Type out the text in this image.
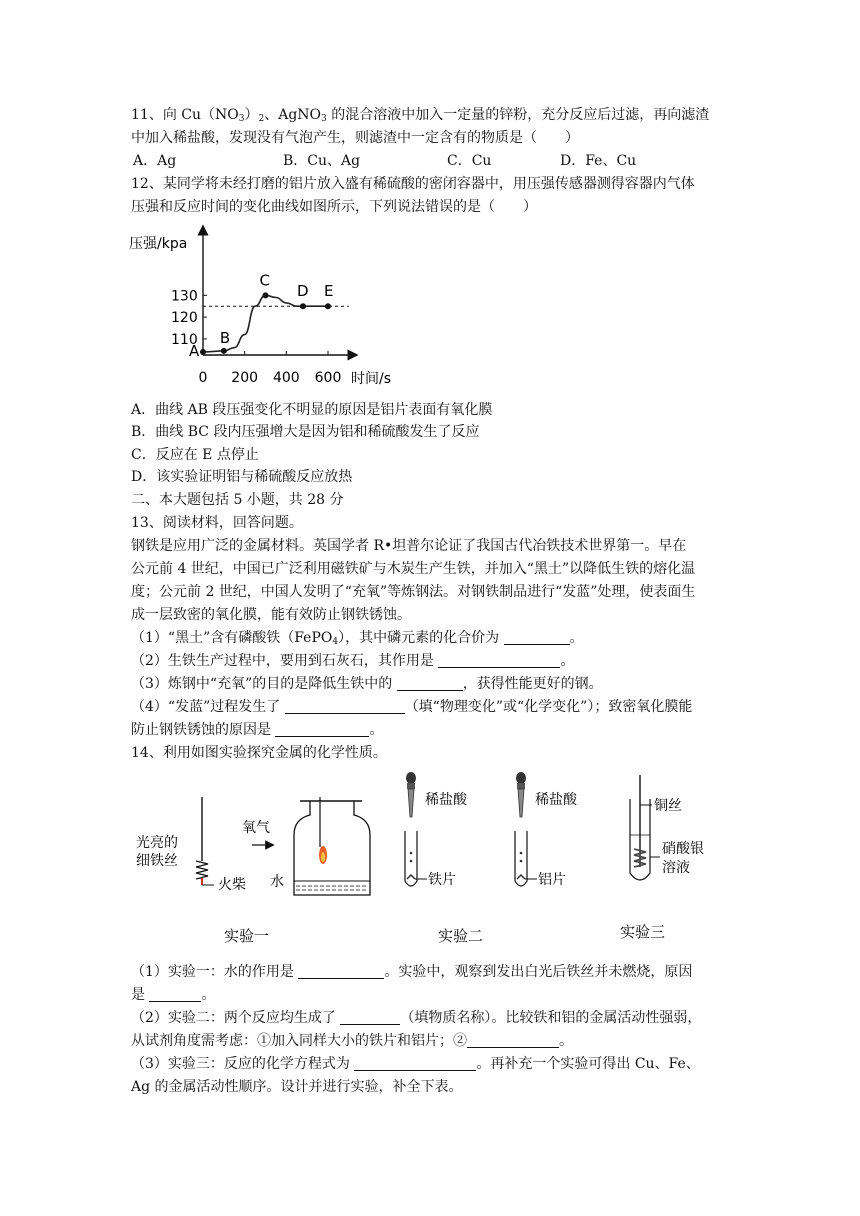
11、向 $Cu(NO_3)_2$、AgNO$_3$ 的混合溶液中加入一定量的锌粉，充分反应后过滤，再向滤渣
中加入稀盐酸，发现没有气泡产生，则滤渣中一定含有的物质是（　　）
A．Ag	B．Cu、Ag	C．Cu	D．Fe、Cu
12、某同学将未经打磨的铝片放入盛有稀硫酸的密闭容器中，用压强传感器测得容器内气体
压强和反应时间的变化曲线如图所示，下列说法错误的是（　　）
压强/kpa
时间/s
110
120
130
0 200 400 600
A
B
C
D E
A．曲线 AB 段压强变化不明显的原因是铝片表面有氧化膜
B．曲线 BC 段内压强增大是因为铝和稀硫酸发生了反应
C．反应在 E 点停止
D．该实验证明铝与稀硫酸反应放热
二、本大题包括 5 小题，共 28 分
13、阅读材料，回答问题。
钢铁是应用广泛的金属材料。英国学者 R•坦普尔论证了我国古代冶铁技术世界第一。早在
公元前 4 世纪，中国已广泛利用磁铁矿与木炭生产生铁，并加入“黑土”以降低生铁的熔化温
度；公元前 2 世纪，中国人发明了“充氧”等炼钢法。对钢铁制品进行“发蓝”处理，使表面生
成一层致密的氧化膜，能有效防止钢铁锈蚀。
（1）“黑土”含有磷酸铁（FePO$_4$），其中磷元素的化合价为	。
（2）生铁生产过程中，要用到石灰石，其作用是	。
（3）炼钢中“充氧”的目的是降低生铁中的	，获得性能更好的钢。
（4）“发蓝”过程发生了	（填“物理变化”或“化学变化”）；致密氧化膜能
防止钢铁锈蚀的原因是	。
14、利用如图实验探究金属的化学性质。
光亮的
细铁丝
火柴
氧气
水
实验一
稀盐酸
铁片
稀盐酸
铝片
实验二
铜丝
硝酸银
溶液
实验三
（1）实验一：水的作用是	。实验中，观察到发出白光后铁丝并未燃烧，原因
是	。
（2）实验二：两个反应均生成了	（填物质名称）。比较铁和铝的金属活动性强弱，
从试剂角度需考虑：①加入同样大小的铁片和铝片；②	。
（3）实验三：反应的化学方程式为	。再补充一个实验可得出 Cu、Fe、
Ag 的金属活动性顺序。设计并进行实验，补全下表。
